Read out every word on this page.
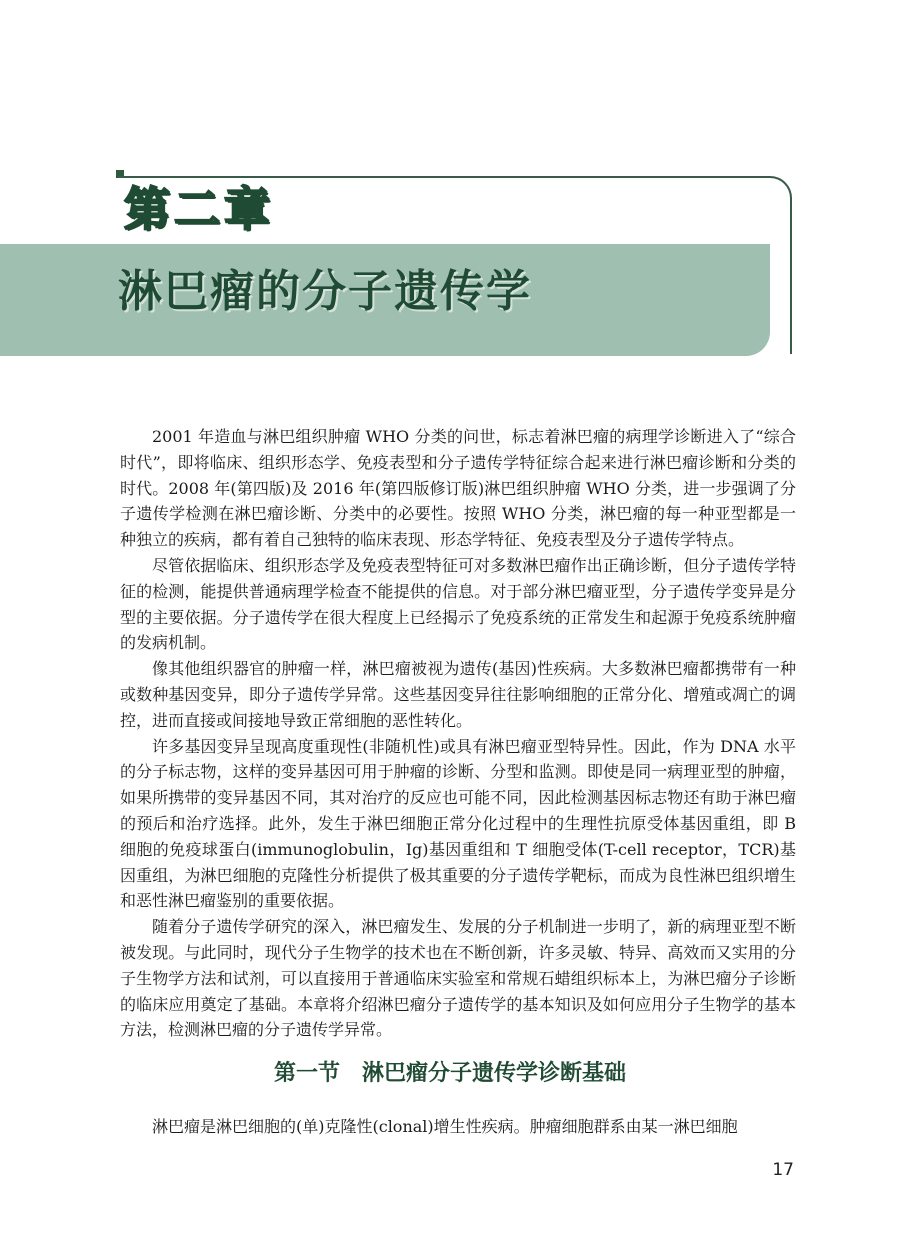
第二章
淋巴瘤的分子遗传学

2001 年造血与淋巴组织肿瘤 WHO 分类的问世，标志着淋巴瘤的病理学诊断进入了“综合时代”，即将临床、组织形态学、免疫表型和分子遗传学特征综合起来进行淋巴瘤诊断和分类的时代。2008 年(第四版)及 2016 年(第四版修订版)淋巴组织肿瘤 WHO 分类，进一步强调了分子遗传学检测在淋巴瘤诊断、分类中的必要性。按照 WHO 分类，淋巴瘤的每一种亚型都是一种独立的疾病，都有着自己独特的临床表现、形态学特征、免疫表型及分子遗传学特点。

尽管依据临床、组织形态学及免疫表型特征可对多数淋巴瘤作出正确诊断，但分子遗传学特征的检测，能提供普通病理学检查不能提供的信息。对于部分淋巴瘤亚型，分子遗传学变异是分型的主要依据。分子遗传学在很大程度上已经揭示了免疫系统的正常发生和起源于免疫系统肿瘤的发病机制。

像其他组织器官的肿瘤一样，淋巴瘤被视为遗传(基因)性疾病。大多数淋巴瘤都携带有一种或数种基因变异，即分子遗传学异常。这些基因变异往往影响细胞的正常分化、增殖或凋亡的调控，进而直接或间接地导致正常细胞的恶性转化。

许多基因变异呈现高度重现性(非随机性)或具有淋巴瘤亚型特异性。因此，作为 DNA 水平的分子标志物，这样的变异基因可用于肿瘤的诊断、分型和监测。即使是同一病理亚型的肿瘤，如果所携带的变异基因不同，其对治疗的反应也可能不同，因此检测基因标志物还有助于淋巴瘤的预后和治疗选择。此外，发生于淋巴细胞正常分化过程中的生理性抗原受体基因重组，即 B 细胞的免疫球蛋白(immunoglobulin，Ig)基因重组和 T 细胞受体(T-cell receptor，TCR)基因重组，为淋巴细胞的克隆性分析提供了极其重要的分子遗传学靶标，而成为良性淋巴组织增生和恶性淋巴瘤鉴别的重要依据。

随着分子遗传学研究的深入，淋巴瘤发生、发展的分子机制进一步明了，新的病理亚型不断被发现。与此同时，现代分子生物学的技术也在不断创新，许多灵敏、特异、高效而又实用的分子生物学方法和试剂，可以直接用于普通临床实验室和常规石蜡组织标本上，为淋巴瘤分子诊断的临床应用奠定了基础。本章将介绍淋巴瘤分子遗传学的基本知识及如何应用分子生物学的基本方法，检测淋巴瘤的分子遗传学异常。

第一节　淋巴瘤分子遗传学诊断基础

淋巴瘤是淋巴细胞的(单)克隆性(clonal)增生性疾病。肿瘤细胞群系由某一淋巴细胞

17
